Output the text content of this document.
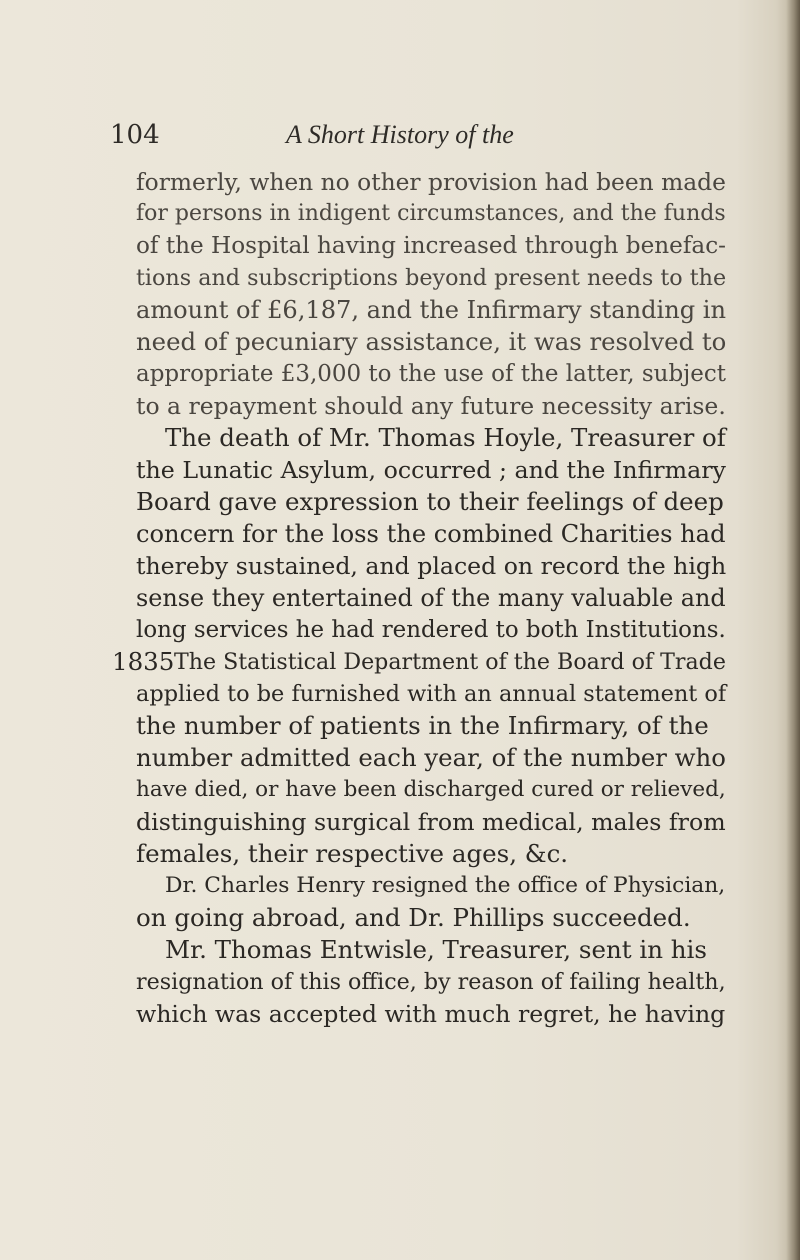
104	A Short History of the
formerly, when no other provision had been made
for persons in indigent circumstances, and the funds
of the Hospital having increased through benefac-
tions and subscriptions beyond present needs to the
amount of £6,187, and the Infirmary standing in
need of pecuniary assistance, it was resolved to
appropriate £3,000 to the use of the latter, subject
to a repayment should any future necessity arise.
The death of Mr. Thomas Hoyle, Treasurer of
the Lunatic Asylum, occurred ; and the Infirmary
Board gave expression to their feelings of deep
concern for the loss the combined Charities had
thereby sustained, and placed on record the high
sense they entertained of the many valuable and
long services he had rendered to both Institutions.
1835 The Statistical Department of the Board of Trade
applied to be furnished with an annual statement of
the number of patients in the Infirmary, of the
number admitted each year, of the number who
have died, or have been discharged cured or relieved,
distinguishing surgical from medical, males from
females, their respective ages, &c.
Dr. Charles Henry resigned the office of Physician,
on going abroad, and Dr. Phillips succeeded.
Mr. Thomas Entwisle, Treasurer, sent in his
resignation of this office, by reason of failing health,
which was accepted with much regret, he having
